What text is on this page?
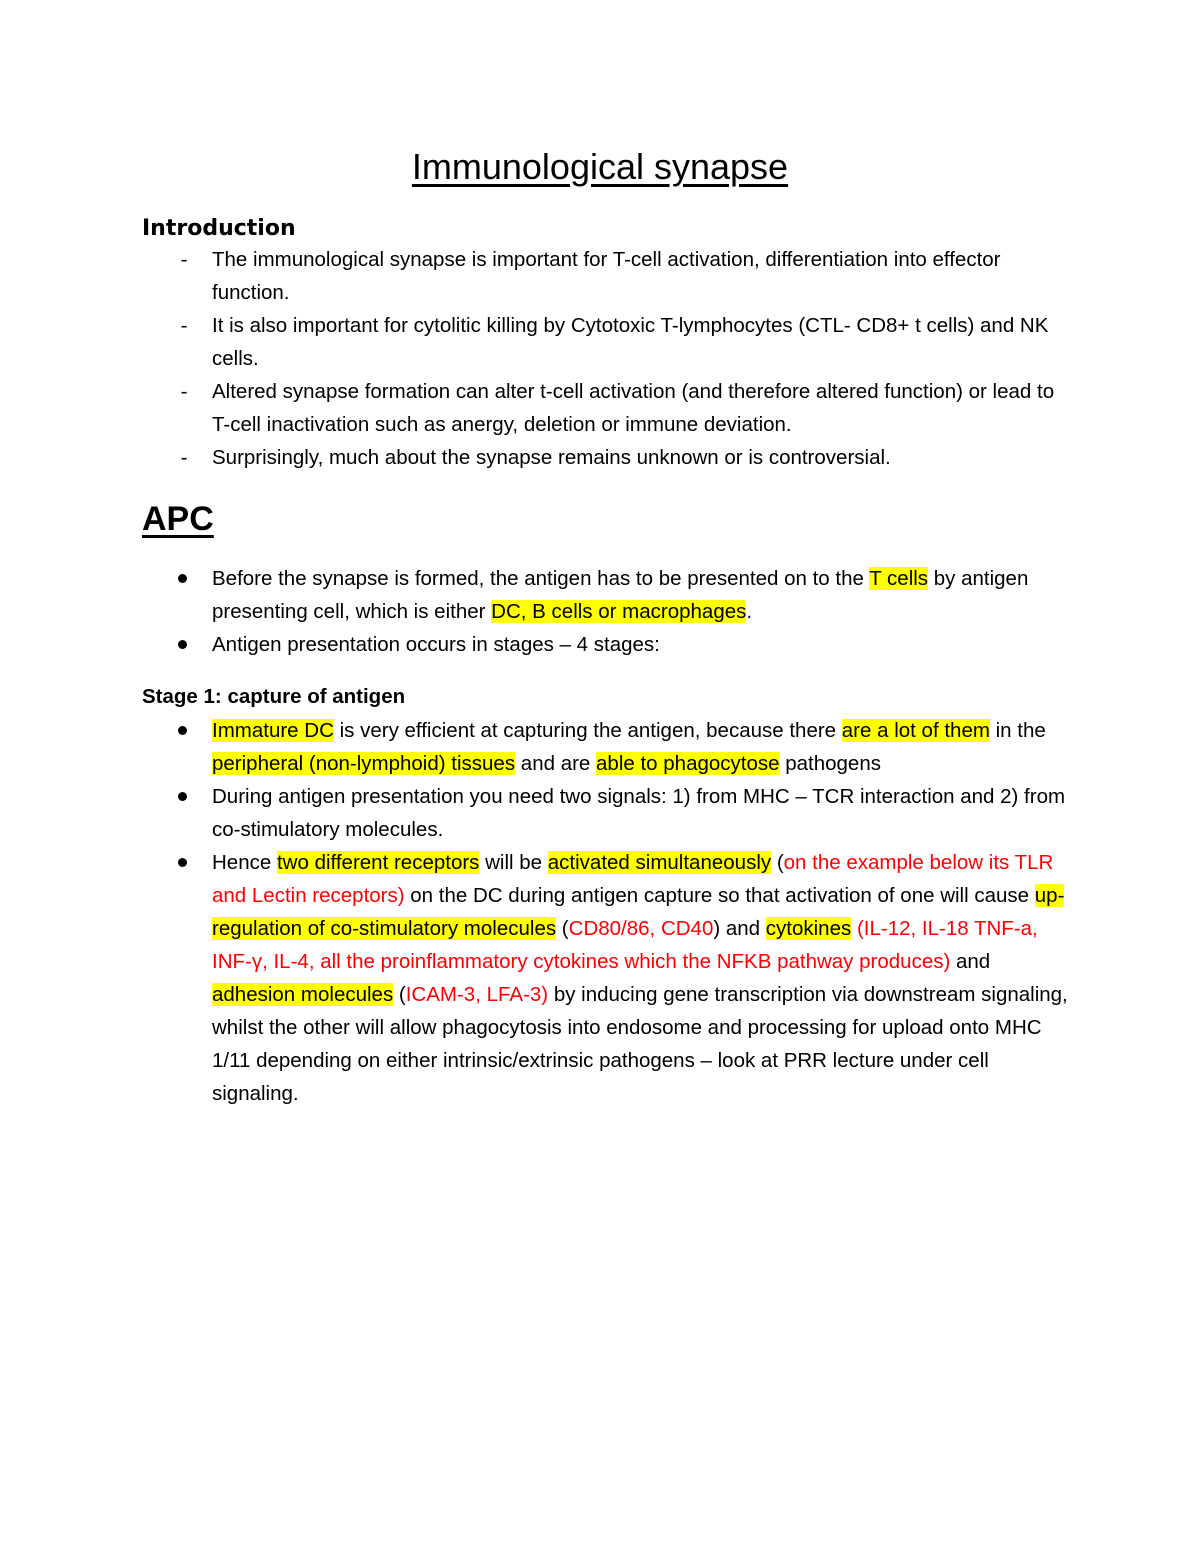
Immunological synapse
Introduction
- The immunological synapse is important for T-cell activation, differentiation into effector function.
- It is also important for cytolitic killing by Cytotoxic T-lymphocytes (CTL- CD8+ t cells) and NK cells.
- Altered synapse formation can alter t-cell activation (and therefore altered function) or lead to T-cell inactivation such as anergy, deletion or immune deviation.
- Surprisingly, much about the synapse remains unknown or is controversial.
APC
Before the synapse is formed, the antigen has to be presented on to the T cells by antigen presenting cell, which is either DC, B cells or macrophages.
Antigen presentation occurs in stages – 4 stages:
Stage 1: capture of antigen
Immature DC is very efficient at capturing the antigen, because there are a lot of them in the peripheral (non-lymphoid) tissues and are able to phagocytose pathogens
During antigen presentation you need two signals: 1) from MHC – TCR interaction and 2) from co-stimulatory molecules.
Hence two different receptors will be activated simultaneously (on the example below its TLR and Lectin receptors) on the DC during antigen capture so that activation of one will cause up-regulation of co-stimulatory molecules (CD80/86, CD40) and cytokines (IL-12, IL-18 TNF-a, INF-γ, IL-4, all the proinflammatory cytokines which the NFKB pathway produces) and adhesion molecules (ICAM-3, LFA-3) by inducing gene transcription via downstream signaling, whilst the other will allow phagocytosis into endosome and processing for upload onto MHC 1/11 depending on either intrinsic/extrinsic pathogens – look at PRR lecture under cell signaling.
